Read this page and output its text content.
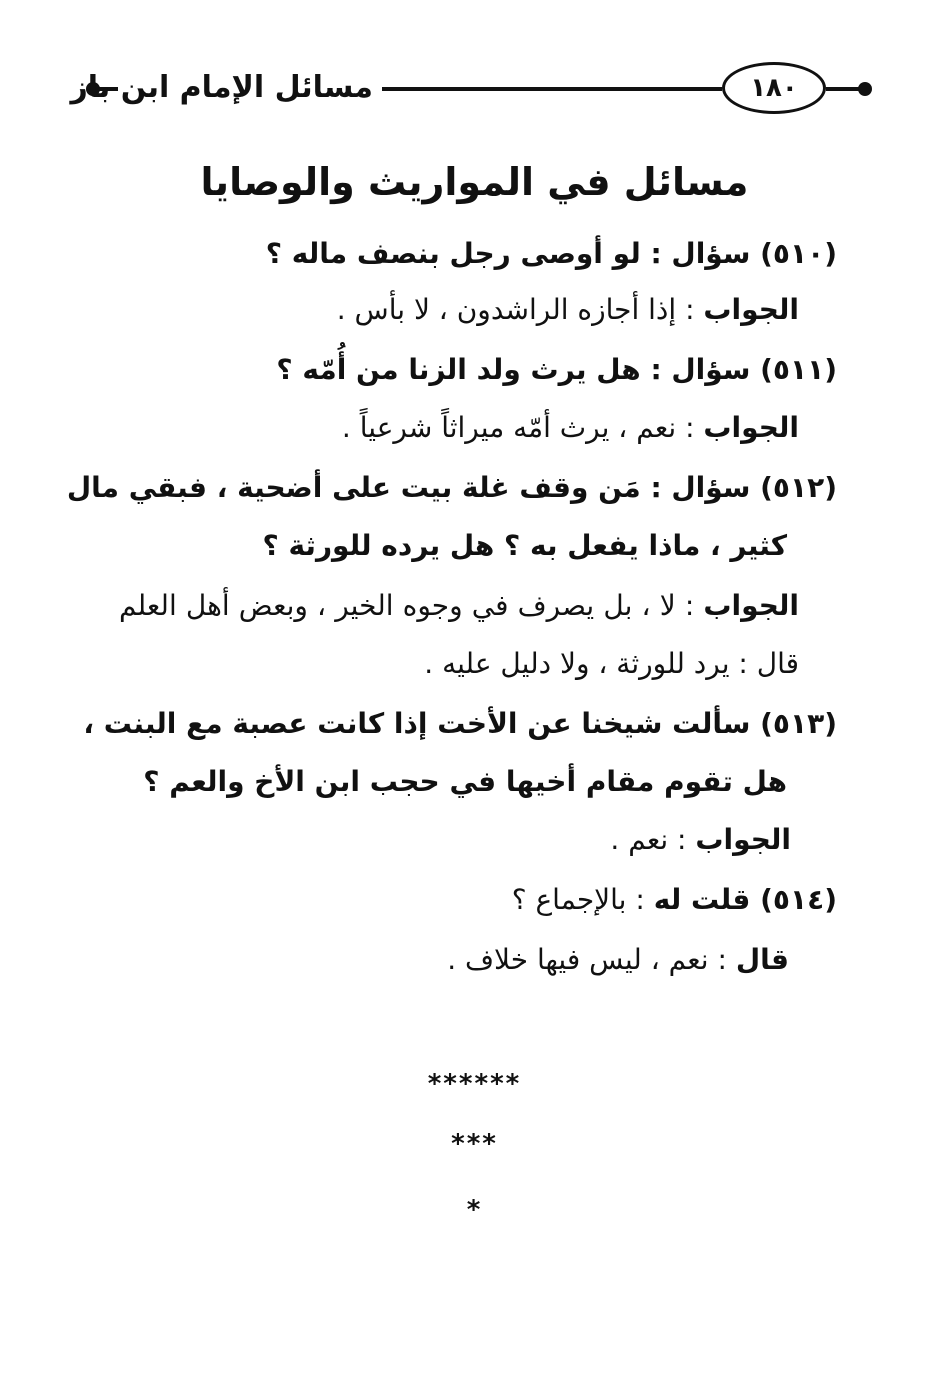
مسائل الإمام ابن باز	١٨٠
مسائل في المواريث والوصايا
(٥١٠) سؤال : لو أوصى رجل بنصف ماله ؟
الجواب : إذا أجازه الراشدون ، لا بأس .
(٥١١) سؤال : هل يرث ولد الزنا من أُمّه ؟
الجواب : نعم ، يرث أمّه ميراثاً شرعياً .
(٥١٢) سؤال : مَن وقف غلة بيت على أضحية ، فبقي مال
كثير ، ماذا يفعل به ؟ هل يرده للورثة ؟
الجواب : لا ، بل يصرف في وجوه الخير ، وبعض أهل العلم
قال : يرد للورثة ، ولا دليل عليه .
(٥١٣) سألت شيخنا عن الأخت إذا كانت عصبة مع البنت ،
هل تقوم مقام أخيها في حجب ابن الأخ والعم ؟
الجواب : نعم .
(٥١٤) قلت له : بالإجماع ؟
قال : نعم ، ليس فيها خلاف .
******
***
*
